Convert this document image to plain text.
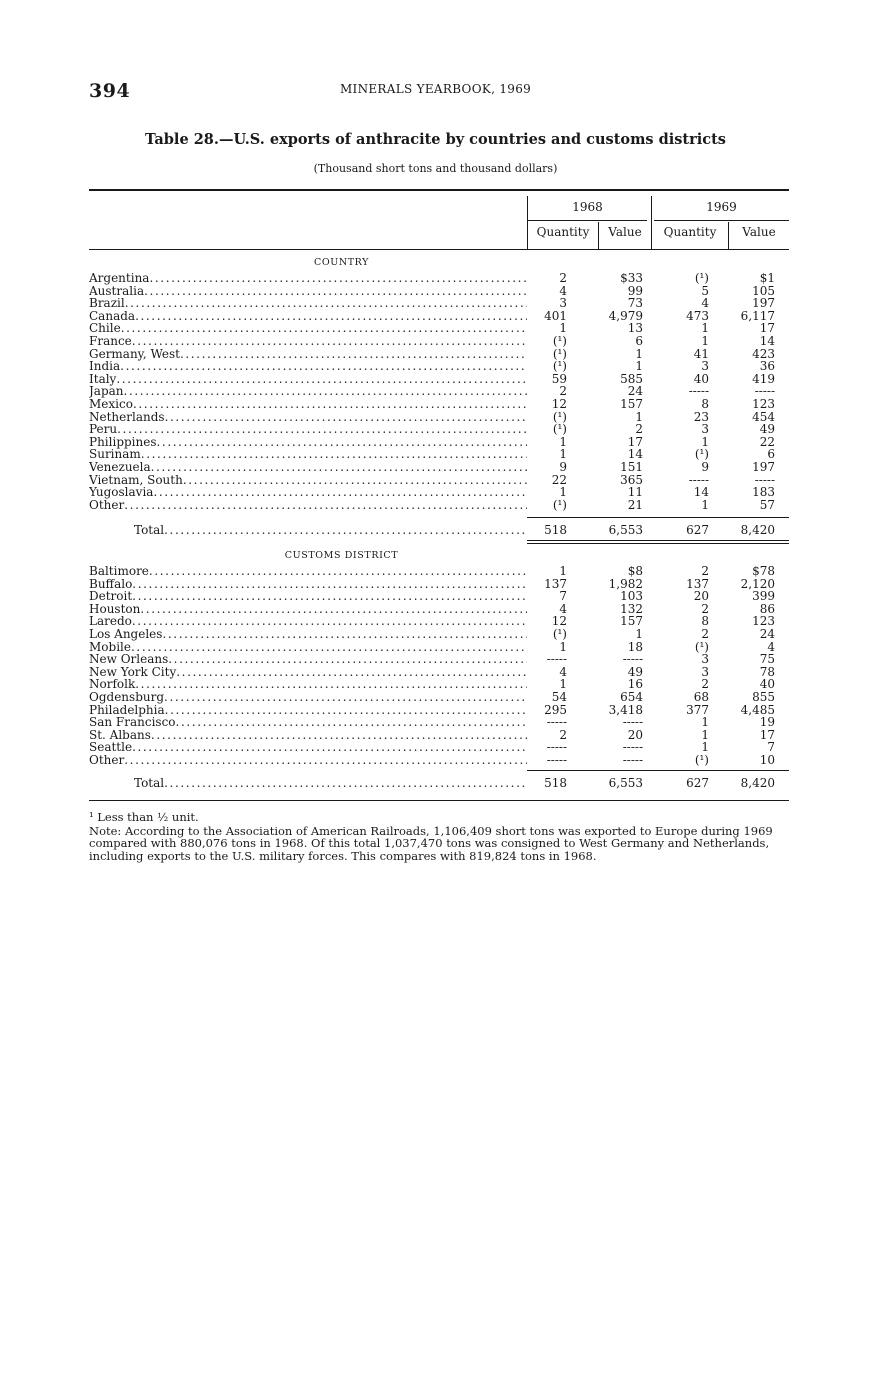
394	MINERALS YEARBOOK, 1969
Table 28.—U.S. exports of anthracite by countries and customs districts
(Thousand short tons and thousand dollars)
1968	1969
Quantity	Value	Quantity	Value
COUNTRY
Argentina .....	2	$33	(¹)	$1
Australia .....	4	99	5	105
Brazil .....	3	73	4	197
Canada .....	401	4,979	473	6,117
Chile .....	1	13	1	17
France .....	(¹)	6	1	14
Germany, West .....	(¹)	1	41	423
India .....	(¹)	1	3	36
Italy .....	59	585	40	419
Japan .....	2	24	-----	-----
Mexico .....	12	157	8	123
Netherlands .....	(¹)	1	23	454
Peru .....	(¹)	2	3	49
Philippines .....	1	17	1	22
Surinam .....	1	14	(¹)	6
Venezuela .....	9	151	9	197
Vietnam, South .....	22	365	-----	-----
Yugoslavia .....	1	11	14	183
Other .....	(¹)	21	1	57
Total .....	518	6,553	627	8,420
CUSTOMS DISTRICT
Baltimore .....	1	$8	2	$78
Buffalo .....	137	1,982	137	2,120
Detroit .....	7	103	20	399
Houston .....	4	132	2	86
Laredo .....	12	157	8	123
Los Angeles .....	(¹)	1	2	24
Mobile .....	1	18	(¹)	4
New Orleans .....	-----	-----	3	75
New York City .....	4	49	3	78
Norfolk .....	1	16	2	40
Ogdensburg .....	54	654	68	855
Philadelphia .....	295	3,418	377	4,485
San Francisco .....	-----	-----	1	19
St. Albans .....	2	20	1	17
Seattle .....	-----	-----	1	7
Other .....	-----	-----	(¹)	10
Total .....	518	6,553	627	8,420

¹ Less than ½ unit.

Note: According to the Association of American Railroads, 1,106,409 short tons was exported to Europe during 1969 compared with 880,076 tons in 1968. Of this total 1,037,470 tons was consigned to West Germany and Netherlands, including exports to the U.S. military forces. This compares with 819,824 tons in 1968.
